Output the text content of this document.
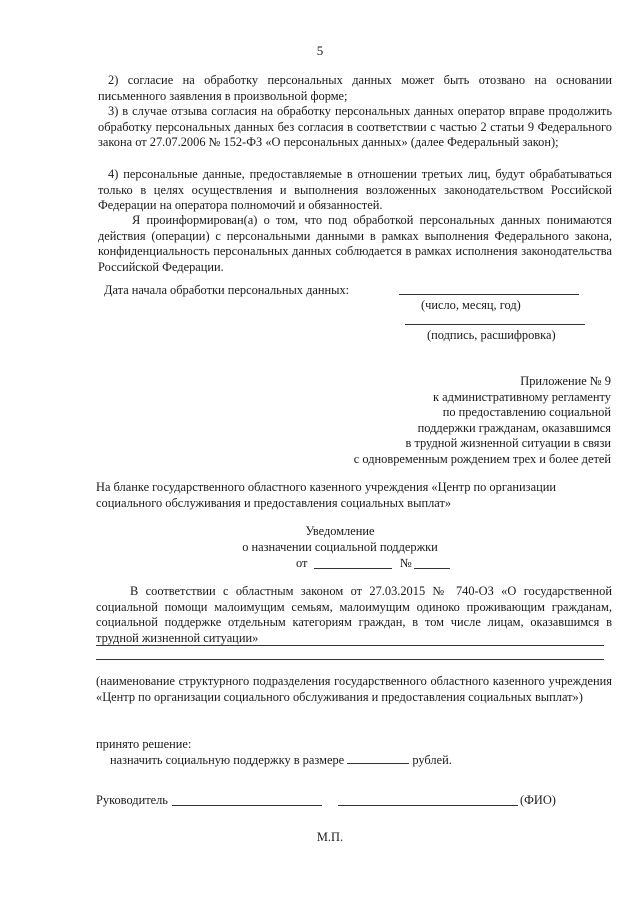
5
2) согласие на обработку персональных данных может быть отозвано на основании письменного заявления в произвольной форме;
3) в случае отзыва согласия на обработку персональных данных оператор вправе продолжить обработку персональных данных без согласия в соответствии с частью 2 статьи 9 Федерального закона от 27.07.2006 № 152-ФЗ «О персональных данных» (далее Федеральный закон);
4) персональные данные, предоставляемые в отношении третьих лиц, будут обрабатываться только в целях осуществления и выполнения возложенных законодательством Российской Федерации на оператора полномочий и обязанностей.
Я проинформирован(а) о том, что под обработкой персональных данных понимаются действия (операции) с персональными данными в рамках выполнения Федерального закона, конфиденциальность персональных данных соблюдается в рамках исполнения законодательства Российской Федерации.
Дата начала обработки персональных данных:
(число, месяц, год)
(подпись, расшифровка)
Приложение № 9
к административному регламенту
по предоставлению социальной
поддержки гражданам, оказавшимся
в трудной жизненной ситуации в связи
с одновременным рождением трех и более детей
На бланке государственного областного казенного учреждения «Центр по организации социального обслуживания и предоставления социальных выплат»
Уведомление
о назначении социальной поддержки
от	№
В соответствии с областным законом от 27.03.2015 № 740-ОЗ «О государственной социальной помощи малоимущим семьям, малоимущим одиноко проживающим гражданам, социальной поддержке отдельным категориям граждан, в том числе лицам, оказавшимся в трудной жизненной ситуации»
(наименование структурного подразделения государственного областного казенного учреждения «Центр по организации социального обслуживания и предоставления социальных выплат»)
принято решение:
назначить социальную поддержку в размере	рублей.
Руководитель	(ФИО)
М.П.
